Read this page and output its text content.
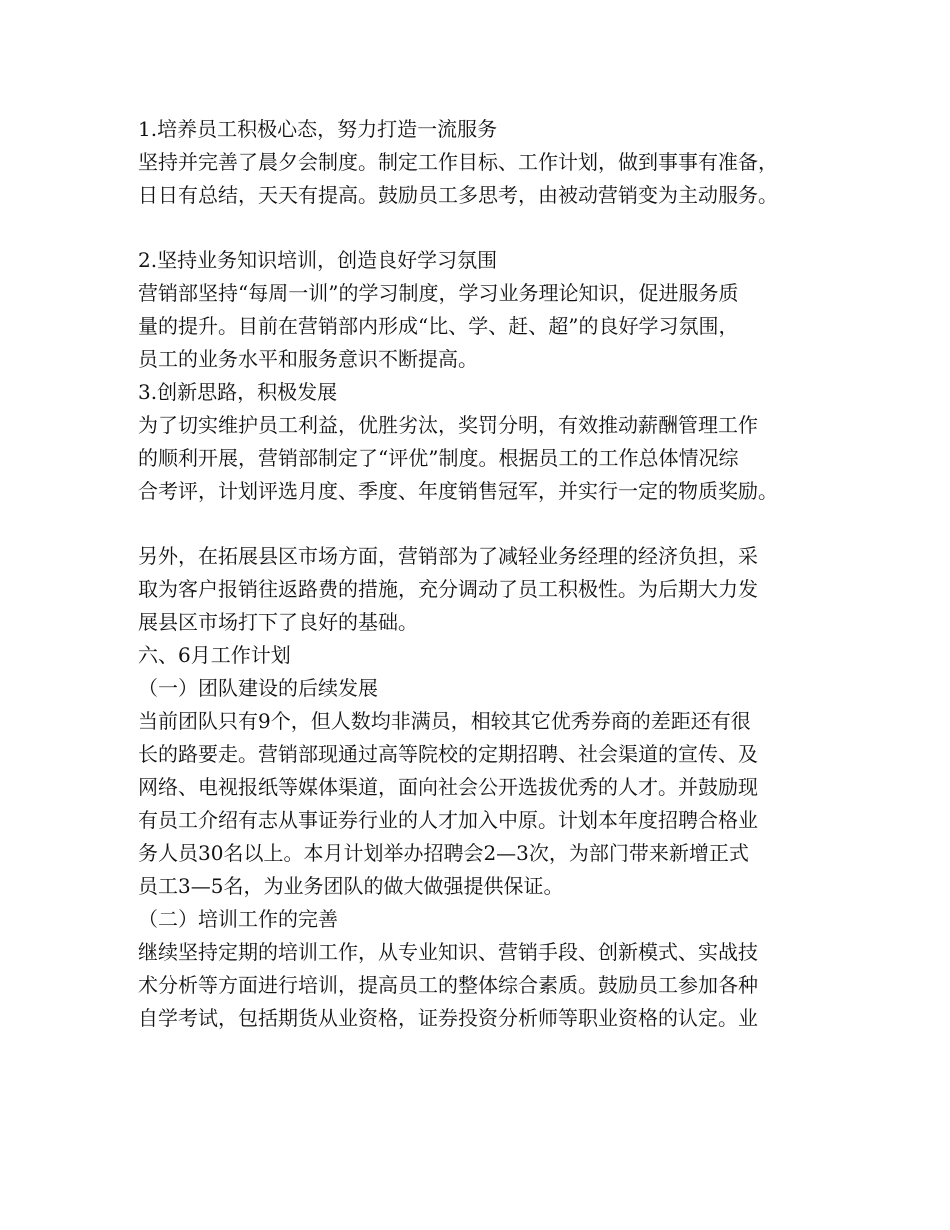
1.培养员工积极心态，努力打造一流服务
坚持并完善了晨夕会制度。制定工作目标、工作计划，做到事事有准备，
日日有总结，天天有提高。鼓励员工多思考，由被动营销变为主动服务。
2.坚持业务知识培训，创造良好学习氛围
营销部坚持“每周一训”的学习制度，学习业务理论知识，促进服务质
量的提升。目前在营销部内形成“比、学、赶、超”的良好学习氛围，
员工的业务水平和服务意识不断提高。
3.创新思路，积极发展
为了切实维护员工利益，优胜劣汰，奖罚分明，有效推动薪酬管理工作
的顺利开展，营销部制定了“评优”制度。根据员工的工作总体情况综
合考评，计划评选月度、季度、年度销售冠军，并实行一定的物质奖励。
另外，在拓展县区市场方面，营销部为了减轻业务经理的经济负担，采
取为客户报销往返路费的措施，充分调动了员工积极性。为后期大力发
展县区市场打下了良好的基础。
六、6月工作计划
（一）团队建设的后续发展
当前团队只有9个，但人数均非满员，相较其它优秀券商的差距还有很
长的路要走。营销部现通过高等院校的定期招聘、社会渠道的宣传、及
网络、电视报纸等媒体渠道，面向社会公开选拔优秀的人才。并鼓励现
有员工介绍有志从事证券行业的人才加入中原。计划本年度招聘合格业
务人员30名以上。本月计划举办招聘会2—3次，为部门带来新增正式
员工3—5名，为业务团队的做大做强提供保证。
（二）培训工作的完善
继续坚持定期的培训工作，从专业知识、营销手段、创新模式、实战技
术分析等方面进行培训，提高员工的整体综合素质。鼓励员工参加各种
自学考试，包括期货从业资格，证券投资分析师等职业资格的认定。业
